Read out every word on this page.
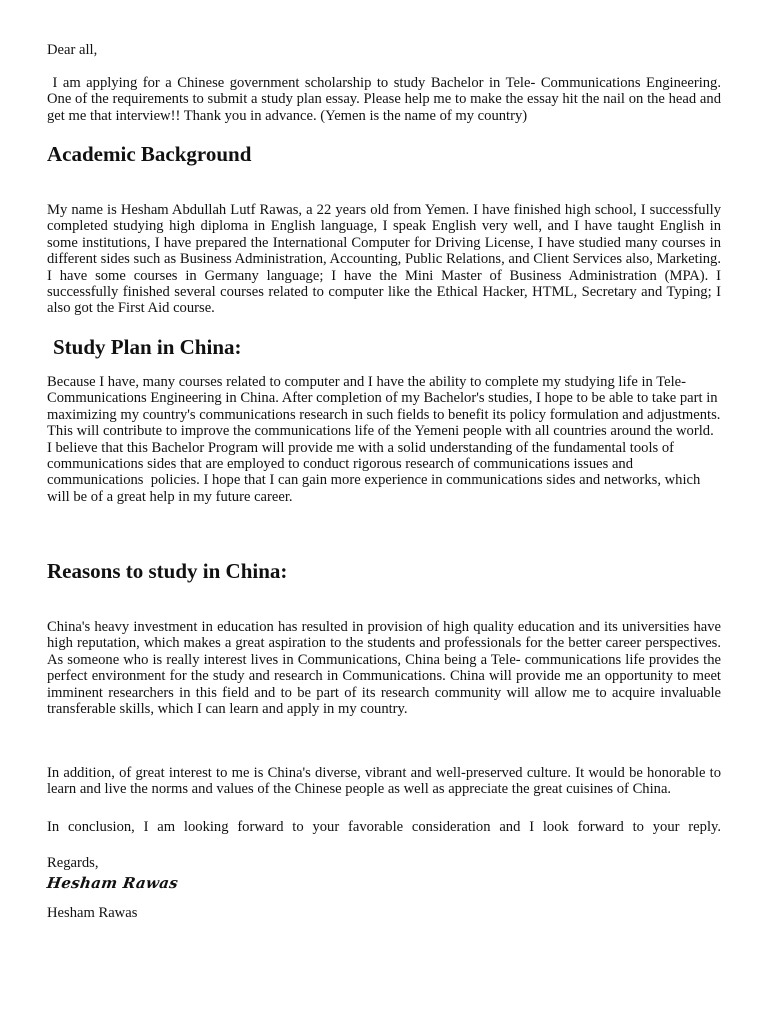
Dear all,

I am applying for a Chinese government scholarship to study Bachelor in Tele- Communications Engineering. One of the requirements to submit a study plan essay. Please help me to make the essay hit the nail on the head and get me that interview!! Thank you in advance. (Yemen is the name of my country)

Academic Background

My name is Hesham Abdullah Lutf Rawas, a 22 years old from Yemen. I have finished high school, I successfully completed studying high diploma in English language, I speak English very well, and I have taught English in some institutions, I have prepared the International Computer for Driving License, I have studied many courses in different sides such as Business Administration, Accounting, Public Relations, and Client Services also, Marketing. I have some courses in Germany language; I have the Mini Master of Business Administration (MPA). I successfully finished several courses related to computer like the Ethical Hacker, HTML, Secretary and Typing; I also got the First Aid course.

Study Plan in China:

Because I have, many courses related to computer and I have the ability to complete my studying life in Tele- Communications Engineering in China. After completion of my Bachelor's studies, I hope to be able to take part in maximizing my country's communications research in such fields to benefit its policy formulation and adjustments. This will contribute to improve the communications life of the Yemeni people with all countries around the world. I believe that this Bachelor Program will provide me with a solid understanding of the fundamental tools of communications sides that are employed to conduct rigorous research of communications issues and communications  policies. I hope that I can gain more experience in communications sides and networks, which will be of a great help in my future career.

Reasons to study in China:

China's heavy investment in education has resulted in provision of high quality education and its universities have high reputation, which makes a great aspiration to the students and professionals for the better career perspectives. As someone who is really interest lives in Communications, China being a Tele- communications life provides the perfect environment for the study and research in Communications. China will provide me an opportunity to meet imminent researchers in this field and to be part of its research community will allow me to acquire invaluable transferable skills, which I can learn and apply in my country.

In addition, of great interest to me is China's diverse, vibrant and well-preserved culture. It would be honorable to learn and live the norms and values of the Chinese people as well as appreciate the great cuisines of China.

In conclusion, I am looking forward to your favorable consideration and I look forward to your reply.

Regards,

Hesham Rawas

Hesham Rawas
